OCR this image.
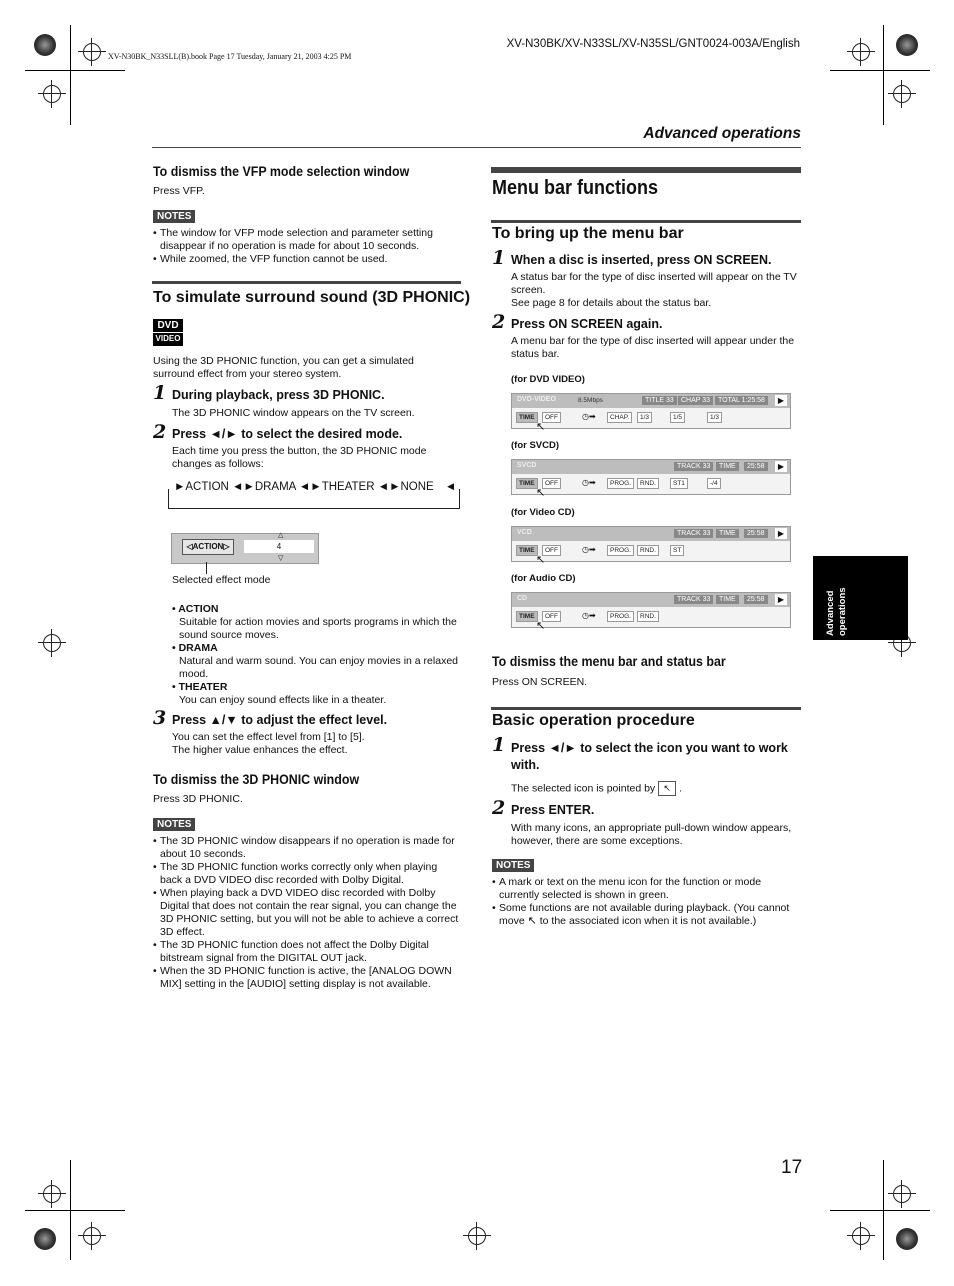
XV-N30BK_N33SLL(B).book Page 17 Tuesday, January 21, 2003 4:25 PM
XV-N30BK/XV-N33SL/XV-N35SL/GNT0024-003A/English
Advanced operations
Advanced operations
To dismiss the VFP mode selection window
Press VFP.
NOTES
• The window for VFP mode selection and parameter setting disappear if no operation is made for about 10 seconds.
• While zoomed, the VFP function cannot be used.
To simulate surround sound (3D PHONIC)
DVD
VIDEO
Using the 3D PHONIC function, you can get a simulated surround effect from your stereo system.
1 During playback, press 3D PHONIC.
The 3D PHONIC window appears on the TV screen.
2 Press ◄/► to select the desired mode.
Each time you press the button, the 3D PHONIC mode changes as follows:
►ACTION ◄►DRAMA ◄►THEATER ◄►NONE ◄
◁ACTION▷	4
△
▽
Selected effect mode
• ACTION
Suitable for action movies and sports programs in which the sound source moves.
• DRAMA
Natural and warm sound. You can enjoy movies in a relaxed mood.
• THEATER
You can enjoy sound effects like in a theater.
3 Press ▲/▼ to adjust the effect level.
You can set the effect level from [1] to [5].
The higher value enhances the effect.
To dismiss the 3D PHONIC window
Press 3D PHONIC.
NOTES
• The 3D PHONIC window disappears if no operation is made for about 10 seconds.
• The 3D PHONIC function works correctly only when playing back a DVD VIDEO disc recorded with Dolby Digital.
• When playing back a DVD VIDEO disc recorded with Dolby Digital that does not contain the rear signal, you can change the 3D PHONIC setting, but you will not be able to achieve a correct 3D effect.
• The 3D PHONIC function does not affect the Dolby Digital bitstream signal from the DIGITAL OUT jack.
• When the 3D PHONIC function is active, the [ANALOG DOWN MIX] setting in the [AUDIO] setting display is not available.
Menu bar functions
To bring up the menu bar
1 When a disc is inserted, press ON SCREEN.
A status bar for the type of disc inserted will appear on the TV screen.
See page 8 for details about the status bar.
2 Press ON SCREEN again.
A menu bar for the type of disc inserted will appear under the status bar.
(for DVD VIDEO)
DVD-VIDEO	8.5Mbps	TITLE 33	CHAP 33	TOTAL 1:25:58	▶
TIME	OFF	CHAP.	1/3	1/5	1/3
↖
◷➡
(for SVCD)
SVCD	TRACK 33	TIME	25:58	▶
TIME	OFF	PROG.	RND.	ST1	-/4
↖
◷➡
(for Video CD)
VCD	TRACK 33	TIME	25:58	▶
TIME	OFF	PROG.	RND.	ST
↖
◷➡
(for Audio CD)
CD	TRACK 33	TIME	25:58	▶
TIME	OFF	PROG.	RND.
↖
◷➡
To dismiss the menu bar and status bar
Press ON SCREEN.
Basic operation procedure
1 Press ◄/► to select the icon you want to work with.
The selected icon is pointed by ↖ .
2 Press ENTER.
With many icons, an appropriate pull-down window appears, however, there are some exceptions.
NOTES
• A mark or text on the menu icon for the function or mode currently selected is shown in green.
• Some functions are not available during playback. (You cannot move ↖ to the associated icon when it is not available.)
17
